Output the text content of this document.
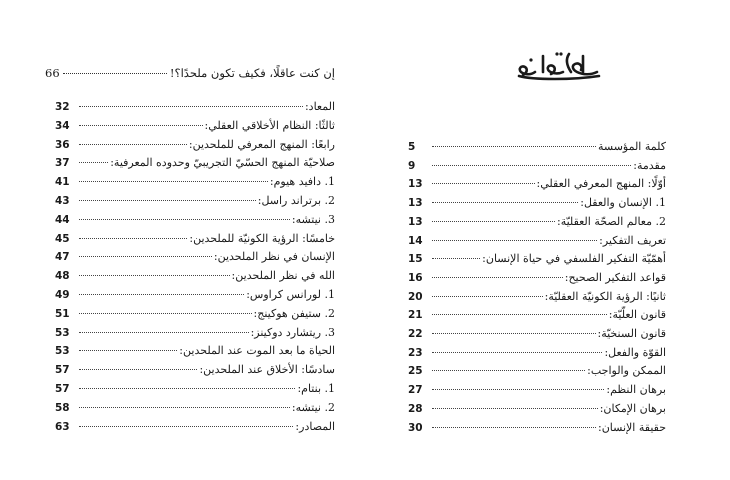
66	إن كنت عاقلًا، فكيف تكون ملحدًا؟!
32	المعاد:
34	ثالثًا: النظام الأخلاقي العقلي:
36	رابعًا: المنهج المعرفي للملحدين:
37	صلاحيّة المنهج الحسّيّ التجريبيّ وحدوده المعرفية:
41	1. دافيد هيوم:
43	2. برتراند راسل:
44	3. نيتشه:
45	خامسًا: الرؤية الكونيّة للملحدين:
47	الإنسان في نظر الملحدين:
48	الله في نظر الملحدين:
49	1. لورانس كراوس:
51	2. ستيفن هوكينج:
53	3. ريتشارد دوكينز:
53	الحياة ما بعد الموت عند الملحدين:
57	سادسًا: الأخلاق عند الملحدين:
57	1. بنتام:
58	2. نيتشه:
63	المصادر:
5	كلمة المؤسسة
9	مقدمة:
13	أوّلًا: المنهج المعرفي العقلي:
13	1. الإنسان والعقل:
13	2. معالم الصحّة العقليّة:
14	تعريف التفكير:
15	أهمّيّة التفكير الفلسفي في حياة الإنسان:
16	قواعد التفكير الصحيح:
20	ثانيًا: الرؤية الكونيّة العقليّة:
21	قانون العلّيّة:
22	قانون السنخيّة:
23	القوّة والفعل:
25	الممكن والواجب:
27	برهان النظم:
28	برهان الإمكان:
30	حقيقة الإنسان:
